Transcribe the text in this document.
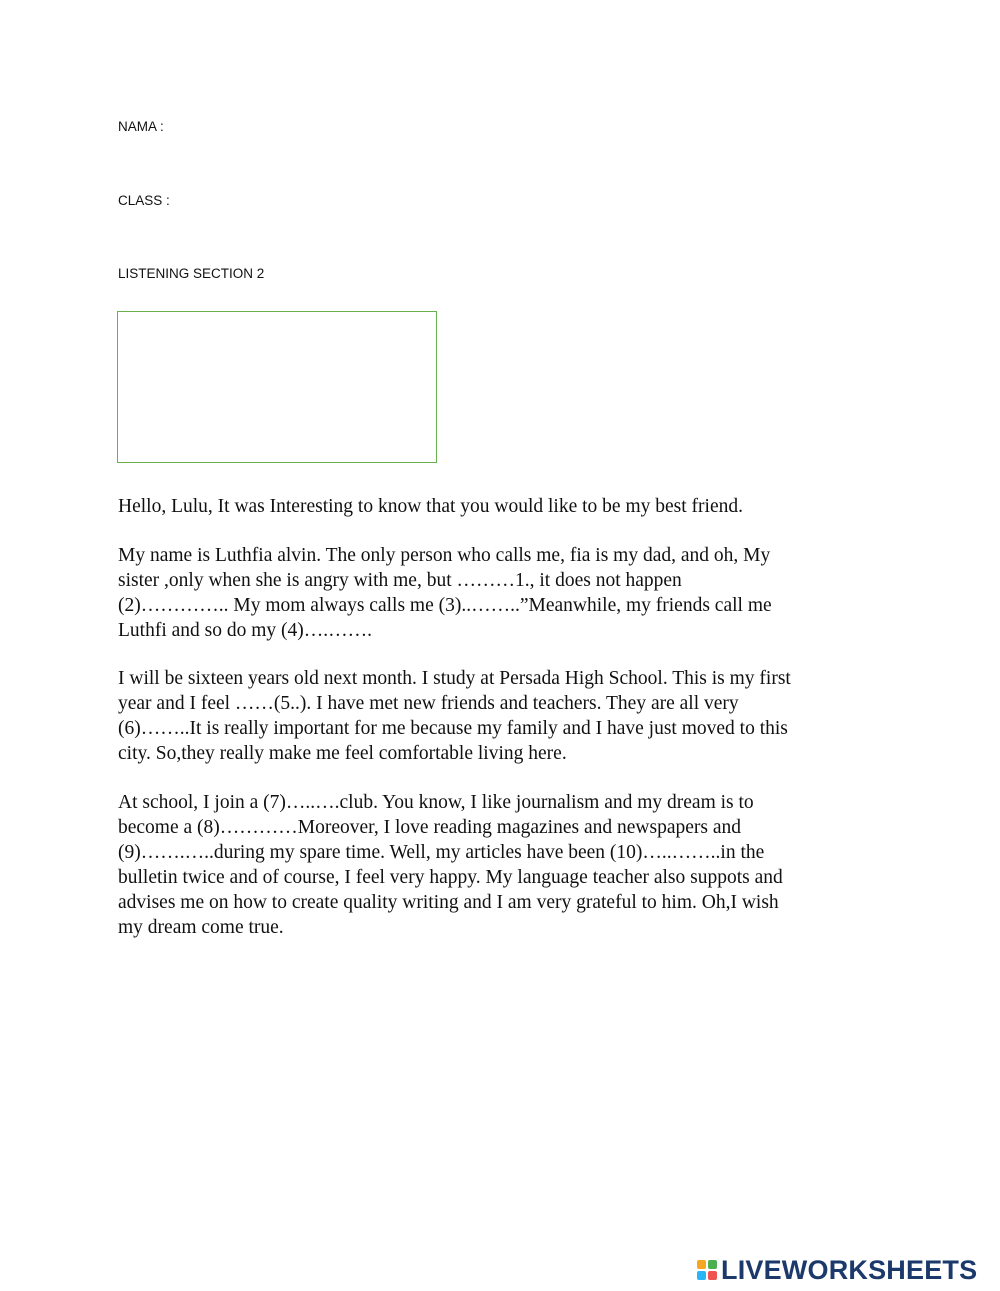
NAMA :
CLASS :
LISTENING SECTION 2

Hello, Lulu, It was Interesting to know that you would like to be my best friend.

My name is Luthfia alvin. The only person who calls me, fia is my dad, and oh, My
sister ,only when she is angry with me, but ………1., it does not happen
(2)………….. My mom always calls me (3)..……..”Meanwhile, my friends call me
Luthfi and so do my (4)….…….

I will be sixteen years old next month. I study at Persada High School. This is my first
year and I feel ……(5..). I have met new friends and teachers. They are all very
(6)……..It is really important for me because my family and I have just moved to this
city. So,they really make me feel comfortable living here.

At school, I join a (7)…..….club. You know, I like journalism and my dream is to
become a (8)…………Moreover, I love reading magazines and newspapers and
(9)…….…..during my spare time. Well, my articles have been (10)…..……..in the
bulletin twice and of course, I feel very happy. My language teacher also suppots and
advises me on how to create quality writing and I am very grateful to him. Oh,I wish
my dream come true.

LIVEWORKSHEETS
